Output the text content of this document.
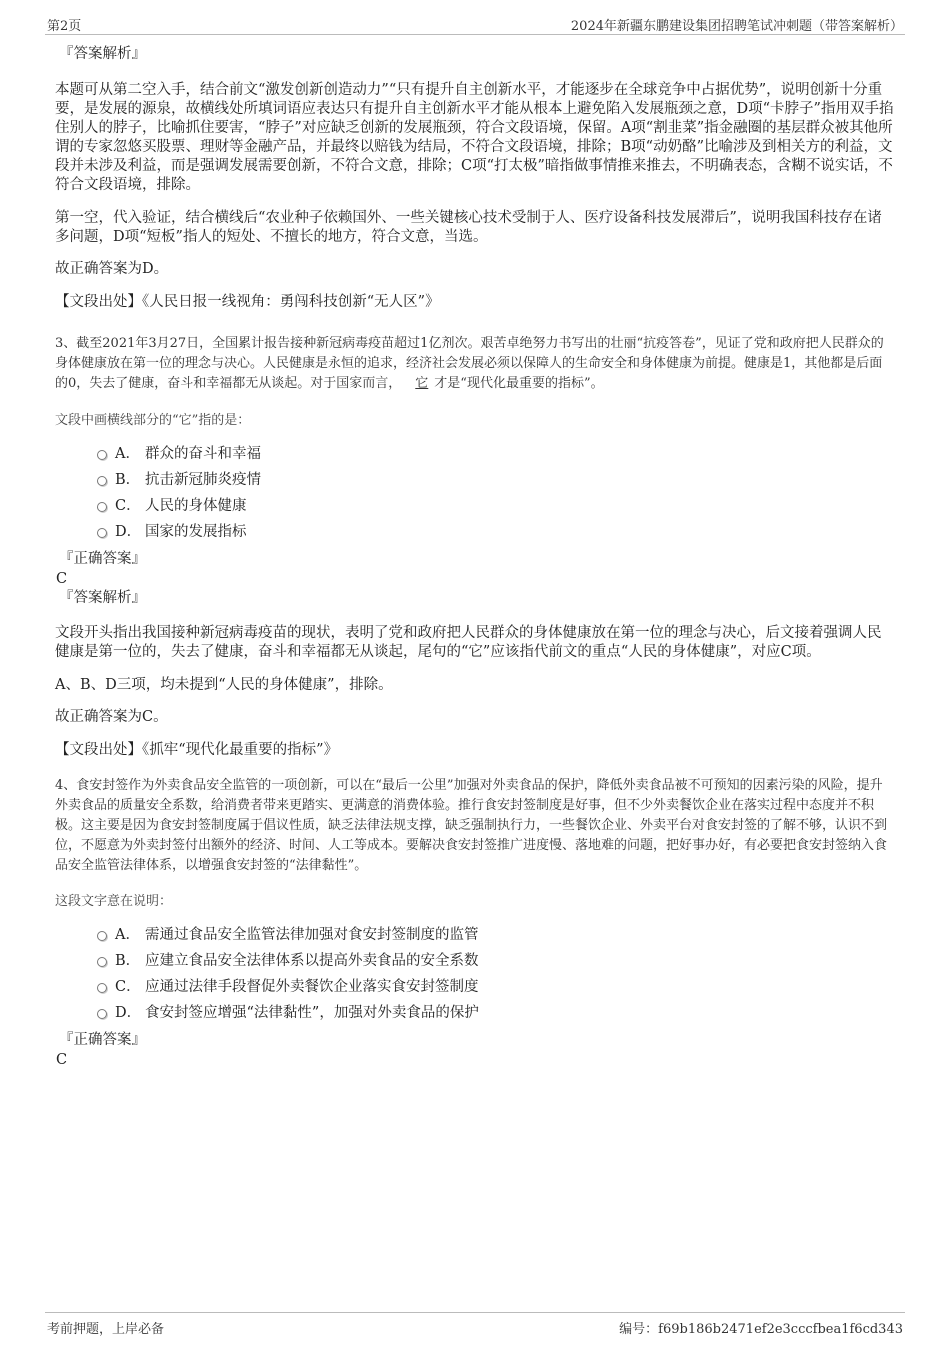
第2页	2024年新疆东鹏建设集团招聘笔试冲刺题（带答案解析）
『答案解析』

本题可从第二空入手，结合前文“激发创新创造动力”“只有提升自主创新水平，才能逐步在全球竞争中占据优势”，说明创新十分重要，是发展的源泉，故横线处所填词语应表达只有提升自主创新水平才能从根本上避免陷入发展瓶颈之意，D项“卡脖子”指用双手掐住别人的脖子，比喻抓住要害，“脖子”对应缺乏创新的发展瓶颈，符合文段语境，保留。A项“割韭菜”指金融圈的基层群众被其他所谓的专家忽悠买股票、理财等金融产品，并最终以赔钱为结局，不符合文段语境，排除；B项“动奶酪”比喻涉及到相关方的利益，文段并未涉及利益，而是强调发展需要创新，不符合文意，排除；C项“打太极”暗指做事情推来推去，不明确表态，含糊不说实话，不符合文段语境，排除。

第一空，代入验证，结合横线后“农业种子依赖国外、一些关键核心技术受制于人、医疗设备科技发展滞后”，说明我国科技存在诸多问题，D项“短板”指人的短处、不擅长的地方，符合文意，当选。

故正确答案为D。

【文段出处】《人民日报一线视角：勇闯科技创新“无人区”》

3、截至2021年3月27日，全国累计报告接种新冠病毒疫苗超过1亿剂次。艰苦卓绝努力书写出的壮丽“抗疫答卷”，见证了党和政府把人民群众的身体健康放在第一位的理念与决心。人民健康是永恒的追求，经济社会发展必须以保障人的生命安全和身体健康为前提。健康是1，其他都是后面的0，失去了健康，奋斗和幸福都无从谈起。对于国家而言， 它 才是“现代化最重要的指标”。

文段中画横线部分的“它”指的是：
A． 群众的奋斗和幸福
B． 抗击新冠肺炎疫情
C． 人民的身体健康
D． 国家的发展指标
『正确答案』
C
『答案解析』

文段开头指出我国接种新冠病毒疫苗的现状，表明了党和政府把人民群众的身体健康放在第一位的理念与决心，后文接着强调人民健康是第一位的，失去了健康，奋斗和幸福都无从谈起，尾句的“它”应该指代前文的重点“人民的身体健康”，对应C项。

A、B、D三项，均未提到“人民的身体健康”，排除。

故正确答案为C。

【文段出处】《抓牢“现代化最重要的指标”》

4、食安封签作为外卖食品安全监管的一项创新，可以在“最后一公里”加强对外卖食品的保护，降低外卖食品被不可预知的因素污染的风险，提升外卖食品的质量安全系数，给消费者带来更踏实、更满意的消费体验。推行食安封签制度是好事，但不少外卖餐饮企业在落实过程中态度并不积极。这主要是因为食安封签制度属于倡议性质，缺乏法律法规支撑，缺乏强制执行力，一些餐饮企业、外卖平台对食安封签的了解不够，认识不到位，不愿意为外卖封签付出额外的经济、时间、人工等成本。要解决食安封签推广进度慢、落地难的问题，把好事办好，有必要把食安封签纳入食品安全监管法律体系，以增强食安封签的“法律黏性”。

这段文字意在说明：
A． 需通过食品安全监管法律加强对食安封签制度的监管
B． 应建立食品安全法律体系以提高外卖食品的安全系数
C． 应通过法律手段督促外卖餐饮企业落实食安封签制度
D． 食安封签应增强“法律黏性”，加强对外卖食品的保护
『正确答案』
C
考前押题，上岸必备	编号：f69b186b2471ef2e3cccfbea1f6cd343
